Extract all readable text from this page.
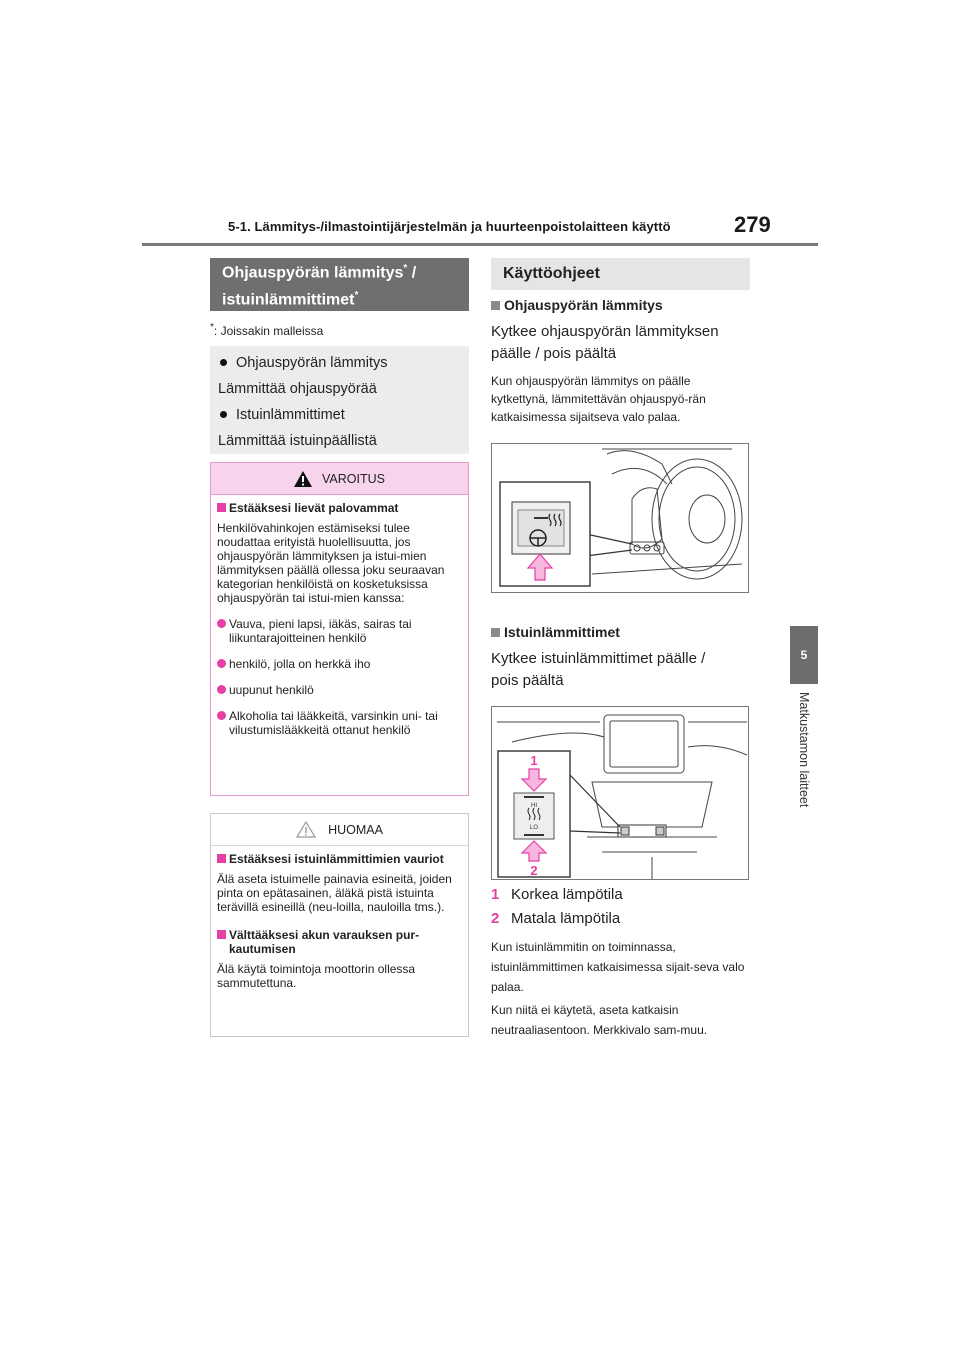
5-1. Lämmitys-/ilmastointijärjestelmän ja huurteenpoistolaitteen käyttö	279
5
Matkustamon laitteet
Ohjauspyörän lämmitys* /
istuinlämmittimet*
*: Joissakin malleissa
Ohjauspyörän lämmitys
Lämmittää ohjauspyörää
Istuinlämmittimet
Lämmittää istuinpäällistä
VAROITUS
Estääksesi lievät palovammat

Henkilövahinkojen estämiseksi tulee noudattaa erityistä huolellisuutta, jos ohjauspyörän lämmityksen ja istui-mien lämmityksen päällä ollessa joku seuraavan kategorian henkilöistä on kosketuksissa ohjauspyörän tai istui-mien kanssa:

Vauva, pieni lapsi, iäkäs, sairas tai liikuntarajoitteinen henkilö
henkilö, jolla on herkkä iho
uupunut henkilö
Alkoholia tai lääkkeitä, varsinkin uni- tai vilustumislääkkeitä ottanut henkilö
HUOMAA
Estääksesi istuinlämmittimien vauriot

Älä aseta istuimelle painavia esineitä, joiden pinta on epätasainen, äläkä pistä istuinta terävillä esineillä (neu-loilla, nauloilla tms.).

Välttääksesi akun varauksen pur-kautumisen

Älä käytä toimintoja moottorin ollessa sammutettuna.

Käyttöohjeet
Ohjauspyörän lämmitys
Kytkee ohjauspyörän lämmityksen päälle / pois päältä
Kun ohjauspyörän lämmitys on päälle kytkettynä, lämmitettävän ohjauspyö-rän katkaisimessa sijaitseva valo palaa.
Istuinlämmittimet
Kytkee istuinlämmittimet päälle / pois päältä
1
HI
LO
2
1 Korkea lämpötila
2 Matala lämpötila
Kun istuinlämmitin on toiminnassa, istuinlämmittimen katkaisimessa sijait-seva valo palaa.
Kun niitä ei käytetä, aseta katkaisin neutraaliasentoon. Merkkivalo sam-muu.
